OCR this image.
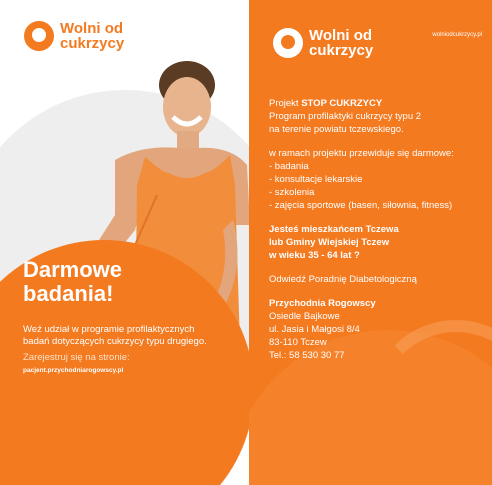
Wolni od
cukrzycy
Darmowe
badania!
Weź udział w programie profilaktycznych badań dotyczących cukrzycy typu drugiego.
Zarejestruj się na stronie:
pacjent.przychodniarogowscy.pl
Wolni od
cukrzycy
wolniodcukrzycy.pl
Projekt STOP CUKRZYCY
Program profilaktyki cukrzycy typu 2
na terenie powiatu tczewskiego.
w ramach projektu przewiduje się darmowe:
- badania
- konsultacje lekarskie
- szkolenia
- zajęcia sportowe (basen, siłownia, fitness)
Jesteś mieszkańcem Tczewa
lub Gminy Wiejskiej Tczew
w wieku 35 - 64 lat ?
Odwiedź Poradnię Diabetologiczną
Przychodnia Rogowscy
Osiedle Bajkowe
ul. Jasia i Małgosi 8/4
83-110 Tczew
Tel.: 58 530 30 77
